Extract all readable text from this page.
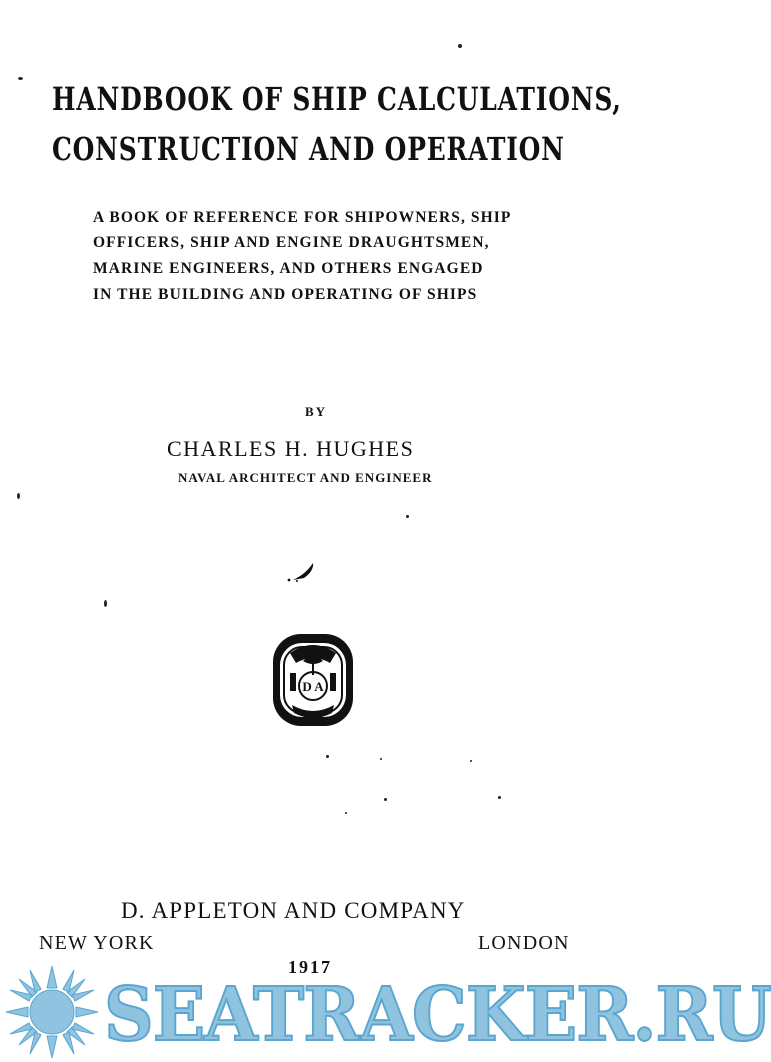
HANDBOOK OF SHIP CALCULATIONS,
CONSTRUCTION AND OPERATION
A BOOK OF REFERENCE FOR SHIPOWNERS, SHIP
OFFICERS, SHIP AND ENGINE DRAUGHTSMEN,
MARINE ENGINEERS, AND OTHERS ENGAGED
IN THE BUILDING AND OPERATING OF SHIPS
BY
CHARLES H. HUGHES
NAVAL ARCHITECT AND ENGINEER
D A
D. APPLETON AND COMPANY
NEW YORK	LONDON
1917
SEATRACKER.RU
